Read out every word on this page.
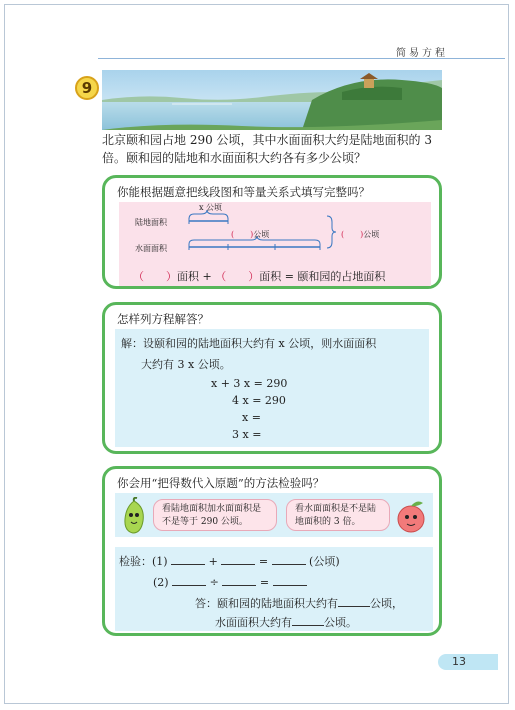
简易方程
9
北京颐和园占地 290 公顷，其中水面面积大约是陆地面积的 3
倍。颐和园的陆地和水面面积大约各有多少公顷？
你能根据题意把线段图和等量关系式填写完整吗？
x 公顷
陆地面积
水面面积
(　　)公顷	(　　)公顷
（　　）面积 + （　　）面积 = 颐和园的占地面积
怎样列方程解答？
解：设颐和园的陆地面积大约有 x 公顷，则水面面积
大约有 3 x 公顷。
x + 3 x = 290
4 x = 290
x =
3 x =
你会用“把得数代入原题”的方法检验吗？
看陆地面积加水面面积是不是等于 290 公顷。
看水面面积是不是陆地面积的 3 倍。
检验：(1)	+	=	(公顷)
(2)	÷	=
答：颐和园的陆地面积大约有	公顷，
水面面积大约有	公顷。
13
